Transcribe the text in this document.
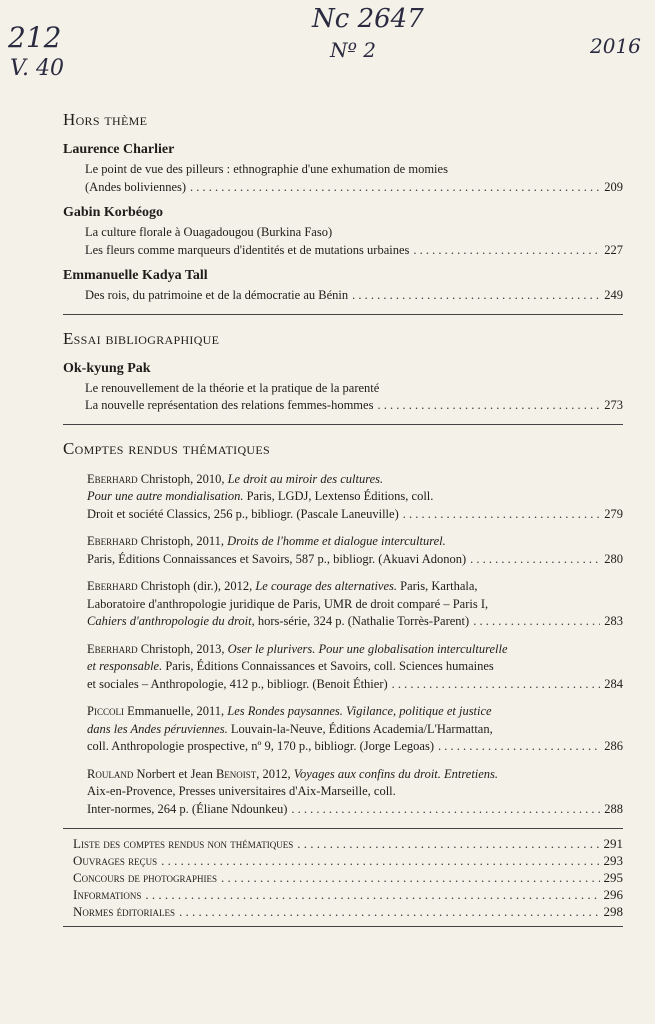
212
V. 40
Nc 2647
Nº 2	2016
Hors thème
Laurence Charlier
Le point de vue des pilleurs : ethnographie d'une exhumation de momies
(Andes boliviennes) . . .	209
Gabin Korbéogo
La culture florale à Ouagadougou (Burkina Faso)
Les fleurs comme marqueurs d'identités et de mutations urbaines . . .	227
Emmanuelle Kadya Tall
Des rois, du patrimoine et de la démocratie au Bénin . . .	249
Essai bibliographique
Ok-kyung Pak
Le renouvellement de la théorie et la pratique de la parenté
La nouvelle représentation des relations femmes-hommes . . .	273
Comptes rendus thématiques
Eberhard Christoph, 2010, Le droit au miroir des cultures.
Pour une autre mondialisation. Paris, LGDJ, Lextenso Éditions, coll.
Droit et société Classics, 256 p., bibliogr. (Pascale Laneuville) . . .	279
Eberhard Christoph, 2011, Droits de l'homme et dialogue interculturel.
Paris, Éditions Connaissances et Savoirs, 587 p., bibliogr. (Akuavi Adonon) . . .	280
Eberhard Christoph (dir.), 2012, Le courage des alternatives. Paris, Karthala,
Laboratoire d'anthropologie juridique de Paris, UMR de droit comparé – Paris I,
Cahiers d'anthropologie du droit, hors-série, 324 p. (Nathalie Torrès-Parent) . . .	283
Eberhard Christoph, 2013, Oser le plurivers. Pour une globalisation interculturelle
et responsable. Paris, Éditions Connaissances et Savoirs, coll. Sciences humaines
et sociales – Anthropologie, 412 p., bibliogr. (Benoit Éthier) . . .	284
Piccoli Emmanuelle, 2011, Les Rondes paysannes. Vigilance, politique et justice
dans les Andes péruviennes. Louvain-la-Neuve, Éditions Academia/L'Harmattan,
coll. Anthropologie prospective, nº 9, 170 p., bibliogr. (Jorge Legoas) . . .	286
Rouland Norbert et Jean Benoist, 2012, Voyages aux confins du droit. Entretiens.
Aix-en-Provence, Presses universitaires d'Aix-Marseille, coll.
Inter-normes, 264 p. (Éliane Ndounkeu) . . .	288
Liste des comptes rendus non thématiques . . .	291
Ouvrages reçus . . .	293
Concours de photographies . . .	295
Informations . . .	296
Normes éditoriales . . .	298
